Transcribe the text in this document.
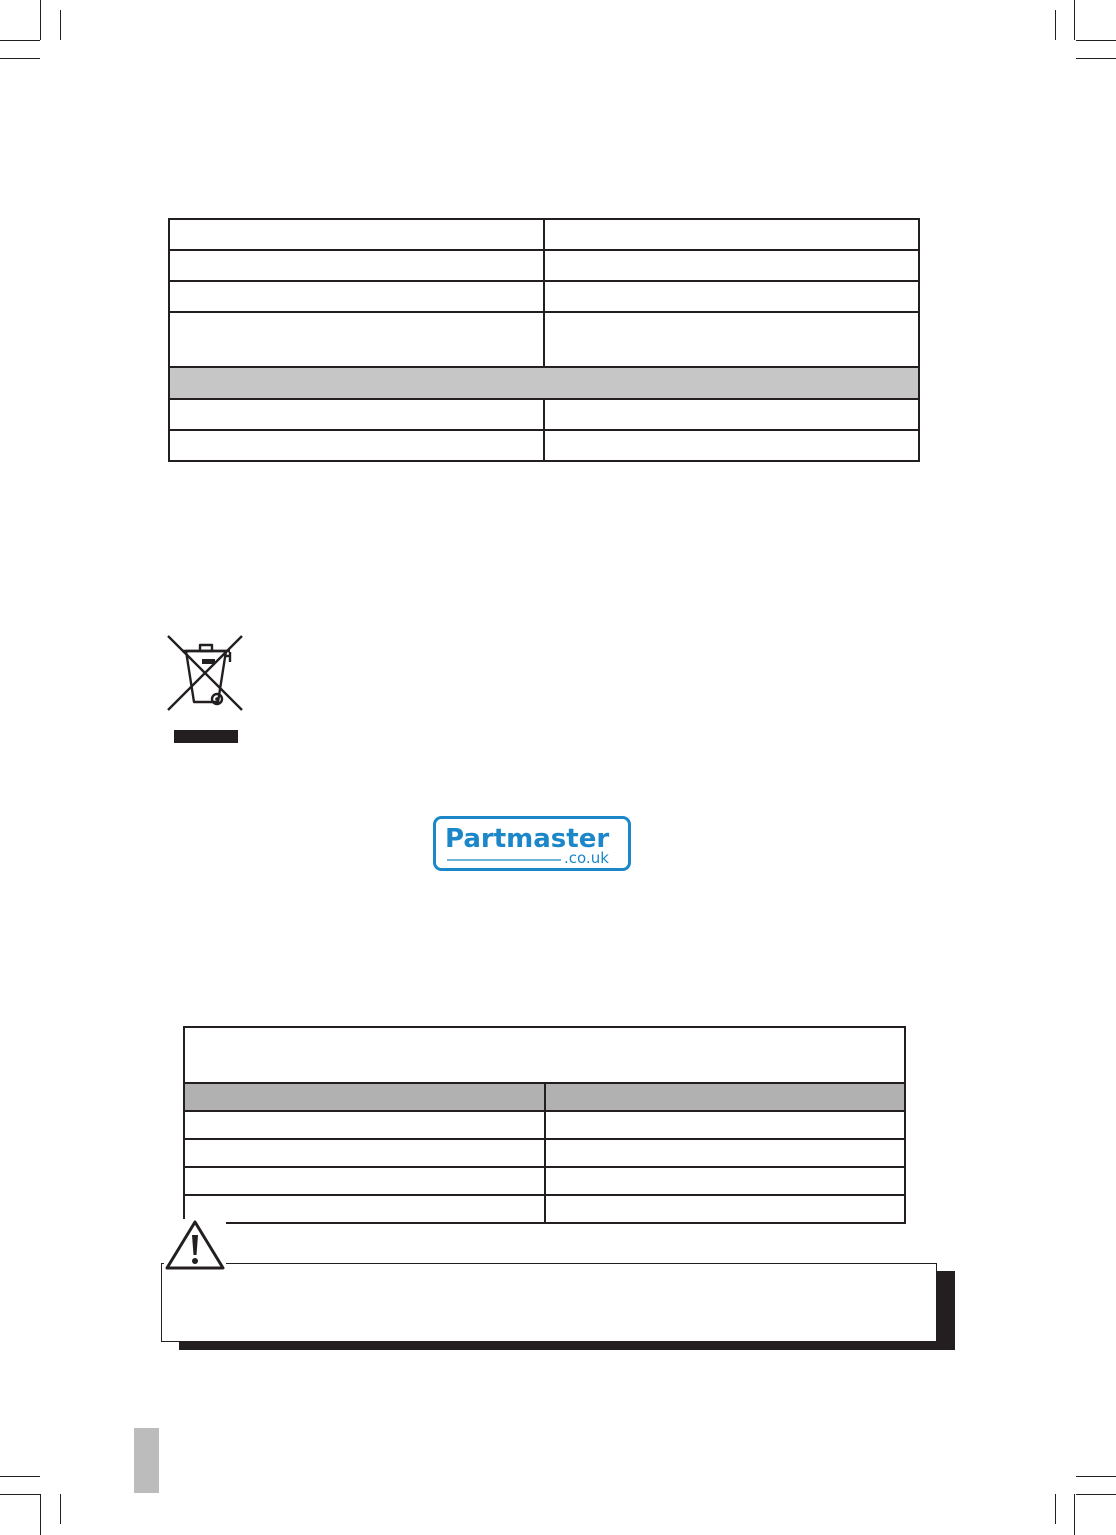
Partmaster
.co.uk
